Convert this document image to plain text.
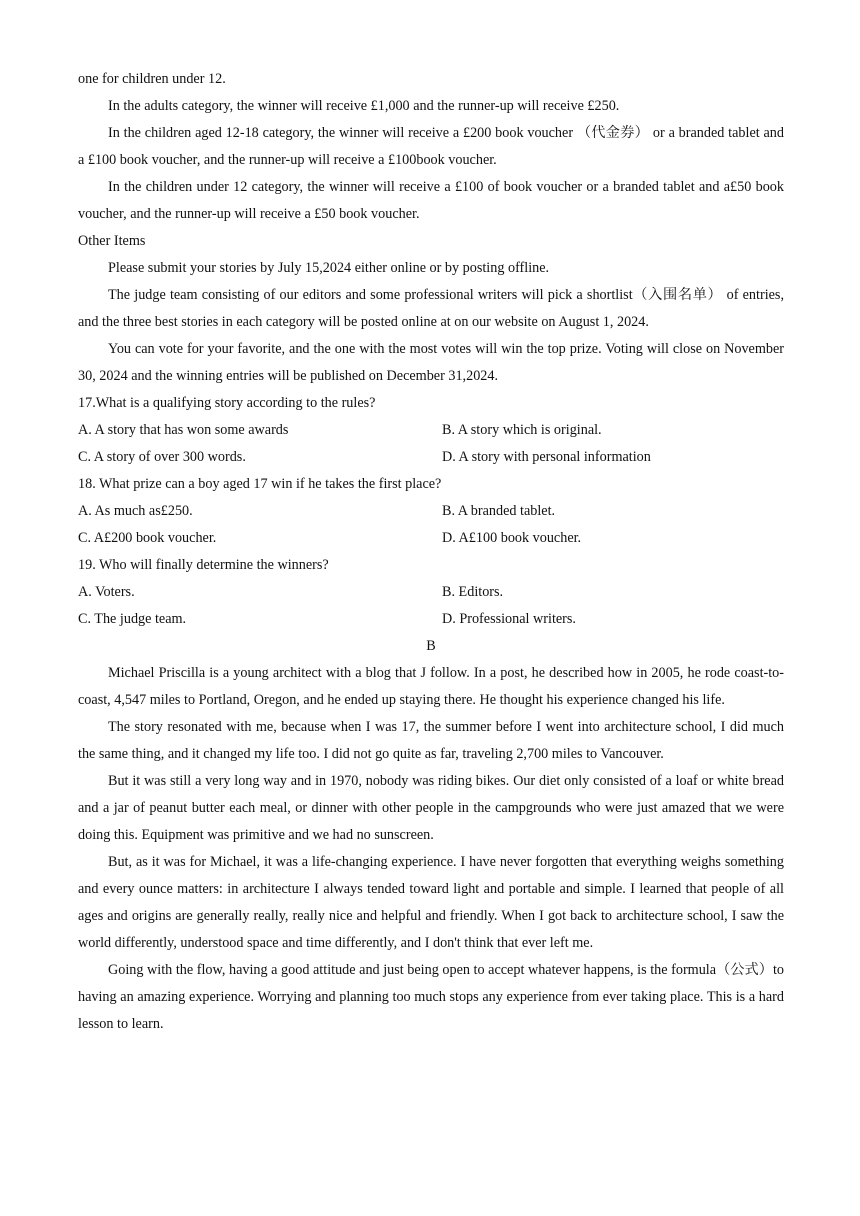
one for children under 12.

In the adults category, the winner will receive £1,000 and the runner-up will receive £250.

In the children aged 12-18 category, the winner will receive a £200 book voucher （代金券） or a branded tablet and a £100 book voucher, and the runner-up will receive a £100book voucher.

In the children under 12 category, the winner will receive a £100 of book voucher or a branded tablet and a£50 book voucher, and the runner-up will receive a £50 book voucher.

Other Items

Please submit your stories by July 15,2024 either online or by posting offline.

The judge team consisting of our editors and some professional writers will pick a shortlist（入围名单） of entries, and the three best stories in each category will be posted online at on our website on August 1, 2024.

You can vote for your favorite, and the one with the most votes will win the top prize. Voting will close on November 30, 2024 and the winning entries will be published on December 31,2024.

17.What is a qualifying story according to the rules?

A. A story that has won some awards	B. A story which is original.
C. A story of over 300 words.	D. A story with personal information

18. What prize can a boy aged 17 win if he takes the first place?

A. As much as£250.	B. A branded tablet.
C. A£200 book voucher.	D. A£100 book voucher.

19. Who will finally determine the winners?

A. Voters.	B. Editors.
C. The judge team.	D. Professional writers.

B

Michael Priscilla is a young architect with a blog that J follow. In a post, he described how in 2005, he rode coast-to-coast, 4,547 miles to Portland, Oregon, and he ended up staying there. He thought his experience changed his life.

The story resonated with me, because when I was 17, the summer before I went into architecture school, I did much the same thing, and it changed my life too. I did not go quite as far, traveling 2,700 miles to Vancouver.

But it was still a very long way and in 1970, nobody was riding bikes. Our diet only consisted of a loaf or white bread and a jar of peanut butter each meal, or dinner with other people in the campgrounds who were just amazed that we were doing this. Equipment was primitive and we had no sunscreen.

But, as it was for Michael, it was a life-changing experience. I have never forgotten that everything weighs something and every ounce matters: in architecture I always tended toward light and portable and simple. I learned that people of all ages and origins are generally really, really nice and helpful and friendly. When I got back to architecture school, I saw the world differently, understood space and time differently, and I don't think that ever left me.

Going with the flow, having a good attitude and just being open to accept whatever happens, is the formula（公式）to having an amazing experience. Worrying and planning too much stops any experience from ever taking place. This is a hard lesson to learn.
